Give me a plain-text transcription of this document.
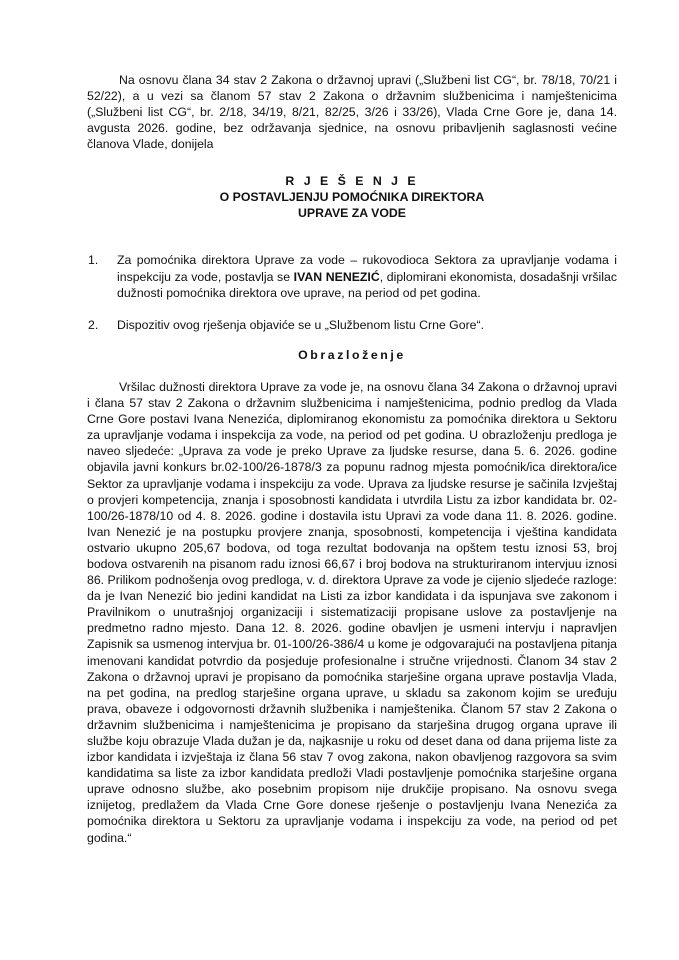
Na osnovu člana 34 stav 2 Zakona o državnoj upravi („Službeni list CG“, br. 78/18, 70/21 i 52/22), a u vezi sa članom 57 stav 2 Zakona o državnim službenicima i namještenicima („Službeni list CG“, br. 2/18, 34/19, 8/21, 82/25, 3/26 i 33/26), Vlada Crne Gore je, dana 14. avgusta 2026. godine, bez održavanja sjednice, na osnovu pribavljenih saglasnosti većine članova Vlade, donijela

R J E Š E N J E
O POSTAVLJENJU POMOĆNIKA DIREKTORA
UPRAVE ZA VODE
1. Za pomoćnika direktora Uprave za vode – rukovodioca Sektora za upravljanje vodama i inspekciju za vode, postavlja se IVAN NENEZIĆ, diplomirani ekonomista, dosadašnji vršilac dužnosti pomoćnika direktora ove uprave, na period od pet godina.
2. Dispozitiv ovog rješenja objaviće se u „Službenom listu Crne Gore“.
Obrazloženje

Vršilac dužnosti direktora Uprave za vode je, na osnovu člana 34 Zakona o državnoj upravi i člana 57 stav 2 Zakona o državnim službenicima i namještenicima, podnio predlog da Vlada Crne Gore postavi Ivana Nenezića, diplomiranog ekonomistu za pomoćnika direktora u Sektoru za upravljanje vodama i inspekcija za vode, na period od pet godina. U obrazloženju predloga je naveo sljedeće: „Uprava za vode je preko Uprave za ljudske resurse, dana 5. 6. 2026. godine objavila javni konkurs br.02-100/26-1878/3 za popunu radnog mjesta pomoćnik/ica direktora/ice Sektor za upravljanje vodama i inspekciju za vode. Uprava za ljudske resurse je sačinila Izvještaj o provjeri kompetencija, znanja i sposobnosti kandidata i utvrdila Listu za izbor kandidata br. 02-100/26-1878/10 od 4. 8. 2026. godine i dostavila istu Upravi za vode dana 11. 8. 2026. godine. Ivan Nenezić je na postupku provjere znanja, sposobnosti, kompetencija i vještina kandidata ostvario ukupno 205,67 bodova, od toga rezultat bodovanja na opštem testu iznosi 53, broj bodova ostvarenih na pisanom radu iznosi 66,67 i broj bodova na strukturiranom intervjuu iznosi 86. Prilikom podnošenja ovog predloga, v. d. direktora Uprave za vode je cijenio sljedeće razloge: da je Ivan Nenezić bio jedini kandidat na Listi za izbor kandidata i da ispunjava sve zakonom i Pravilnikom o unutrašnjoj organizaciji i sistematizaciji propisane uslove za postavljenje na predmetno radno mjesto. Dana 12. 8. 2026. godine obavljen je usmeni intervju i napravljen Zapisnik sa usmenog intervjua br. 01-100/26-386/4 u kome je odgovarajući na postavljena pitanja imenovani kandidat potvrdio da posjeduje profesionalne i stručne vrijednosti. Članom 34 stav 2 Zakona o državnoj upravi je propisano da pomoćnika starješine organa uprave postavlja Vlada, na pet godina, na predlog starješine organa uprave, u skladu sa zakonom kojim se uređuju prava, obaveze i odgovornosti državnih službenika i namještenika. Članom 57 stav 2 Zakona o državnim službenicima i namještenicima je propisano da starješina drugog organa uprave ili službe koju obrazuje Vlada dužan je da, najkasnije u roku od deset dana od dana prijema liste za izbor kandidata i izvještaja iz člana 56 stav 7 ovog zakona, nakon obavljenog razgovora sa svim kandidatima sa liste za izbor kandidata predloži Vladi postavljenje pomoćnika starješine organa uprave odnosno službe, ako posebnim propisom nije drukčije propisano. Na osnovu svega iznijetog, predlažem da Vlada Crne Gore donese rješenje o postavljenju Ivana Nenezića za pomoćnika direktora u Sektoru za upravljanje vodama i inspekciju za vode, na period od pet godina.“
